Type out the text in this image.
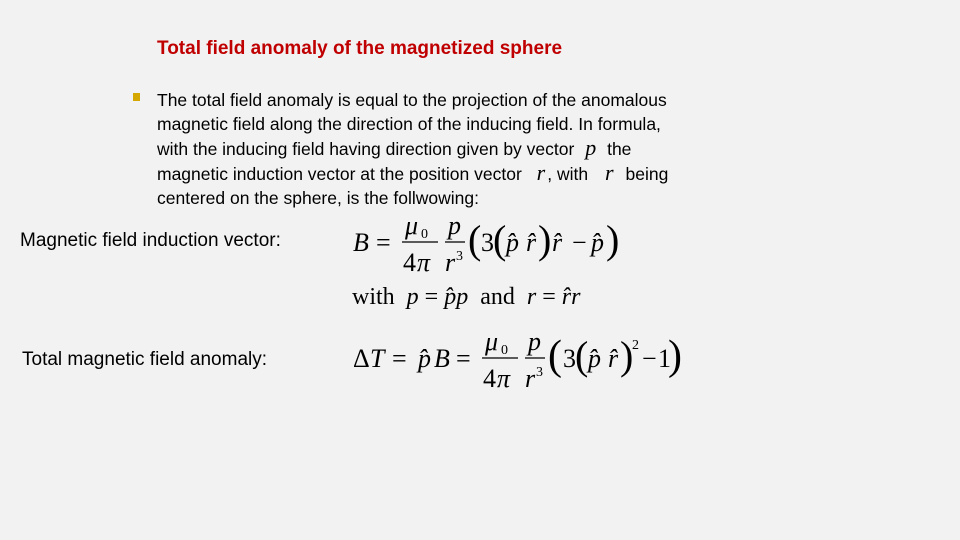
Total field anomaly of the magnetized sphere
The total field anomaly is equal to the projection of the anomalous
magnetic field along the direction of the inducing field. In formula,
with the inducing field having direction given by vector p the
magnetic induction vector at the position vector r , with r being
centered on the sphere, is the follwowing:
Magnetic field induction vector:	B =
μ 0
4 π
p
r 3 ( 3 ( p̂ r̂ ) r̂ − p̂ )
with p = p̂p and r = r̂r
Total magnetic field anomaly:	Δ T = p̂ B =
μ 0
4 π
p
r 3 ( 3 ( p̂ r̂ )
2 − 1
)
